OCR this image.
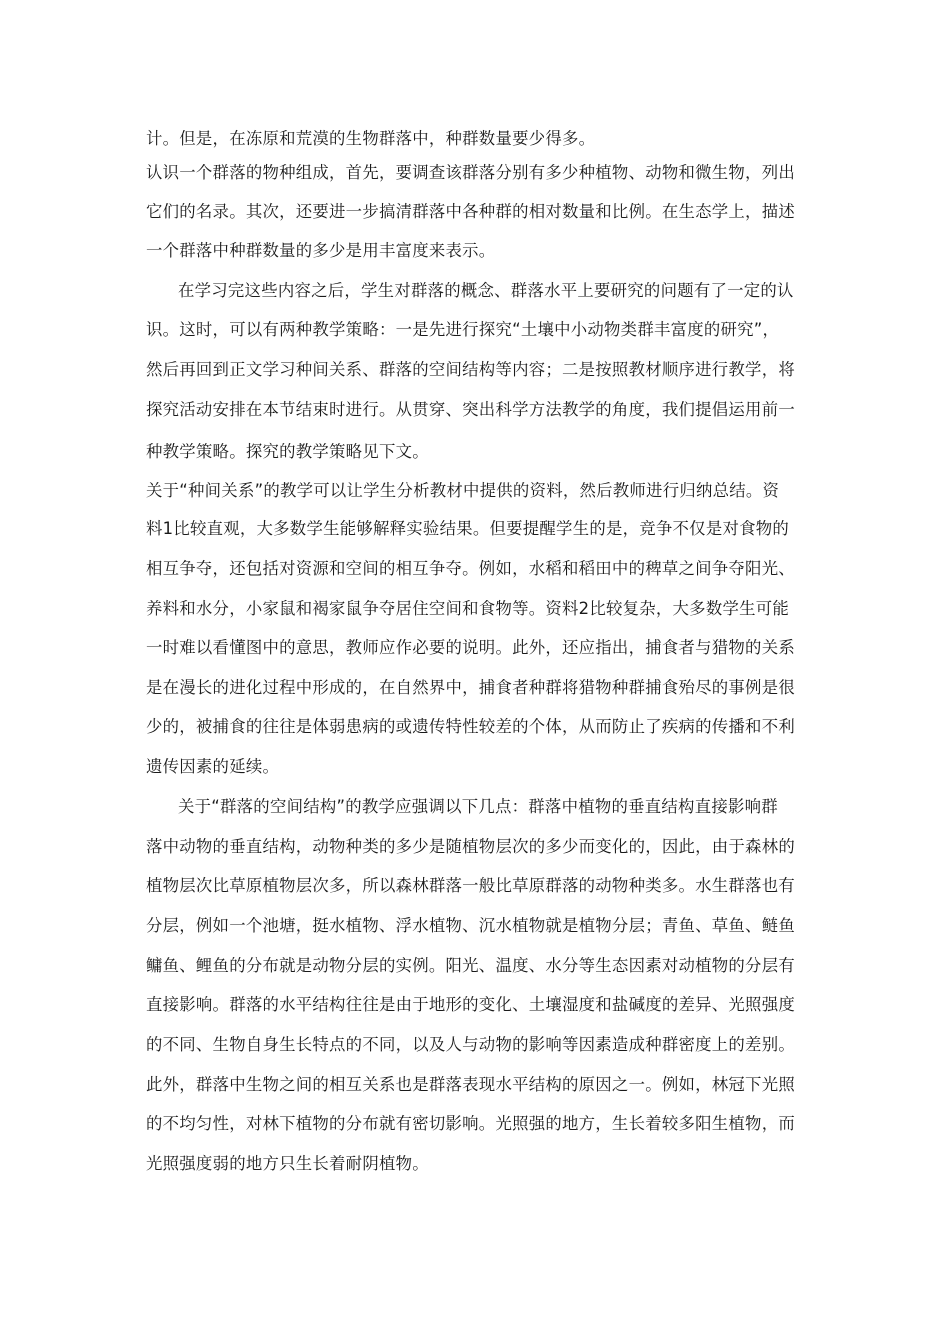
计。但是，在冻原和荒漠的生物群落中，种群数量要少得多。

认识一个群落的物种组成，首先，要调查该群落分别有多少种植物、动物和微生物，列出

它们的名录。其次，还要进一步搞清群落中各种群的相对数量和比例。在生态学上，描述

一个群落中种群数量的多少是用丰富度来表示。

在学习完这些内容之后，学生对群落的概念、群落水平上要研究的问题有了一定的认

识。这时，可以有两种教学策略：一是先进行探究“土壤中小动物类群丰富度的研究”，

然后再回到正文学习种间关系、群落的空间结构等内容；二是按照教材顺序进行教学，将

探究活动安排在本节结束时进行。从贯穿、突出科学方法教学的角度，我们提倡运用前一

种教学策略。探究的教学策略见下文。

关于“种间关系”的教学可以让学生分析教材中提供的资料，然后教师进行归纳总结。资

料1比较直观，大多数学生能够解释实验结果。但要提醒学生的是，竞争不仅是对食物的

相互争夺，还包括对资源和空间的相互争夺。例如，水稻和稻田中的稗草之间争夺阳光、

养料和水分，小家鼠和褐家鼠争夺居住空间和食物等。资料2比较复杂，大多数学生可能

一时难以看懂图中的意思，教师应作必要的说明。此外，还应指出，捕食者与猎物的关系

是在漫长的进化过程中形成的，在自然界中，捕食者种群将猎物种群捕食殆尽的事例是很

少的，被捕食的往往是体弱患病的或遗传特性较差的个体，从而防止了疾病的传播和不利

遗传因素的延续。

关于“群落的空间结构”的教学应强调以下几点：群落中植物的垂直结构直接影响群

落中动物的垂直结构，动物种类的多少是随植物层次的多少而变化的，因此，由于森林的

植物层次比草原植物层次多，所以森林群落一般比草原群落的动物种类多。水生群落也有

分层，例如一个池塘，挺水植物、浮水植物、沉水植物就是植物分层；青鱼、草鱼、鲢鱼

鳙鱼、鲤鱼的分布就是动物分层的实例。阳光、温度、水分等生态因素对动植物的分层有

直接影响。群落的水平结构往往是由于地形的变化、土壤湿度和盐碱度的差异、光照强度

的不同、生物自身生长特点的不同，以及人与动物的影响等因素造成种群密度上的差别。

此外，群落中生物之间的相互关系也是群落表现水平结构的原因之一。例如，林冠下光照

的不均匀性，对林下植物的分布就有密切影响。光照强的地方，生长着较多阳生植物，而

光照强度弱的地方只生长着耐阴植物。
